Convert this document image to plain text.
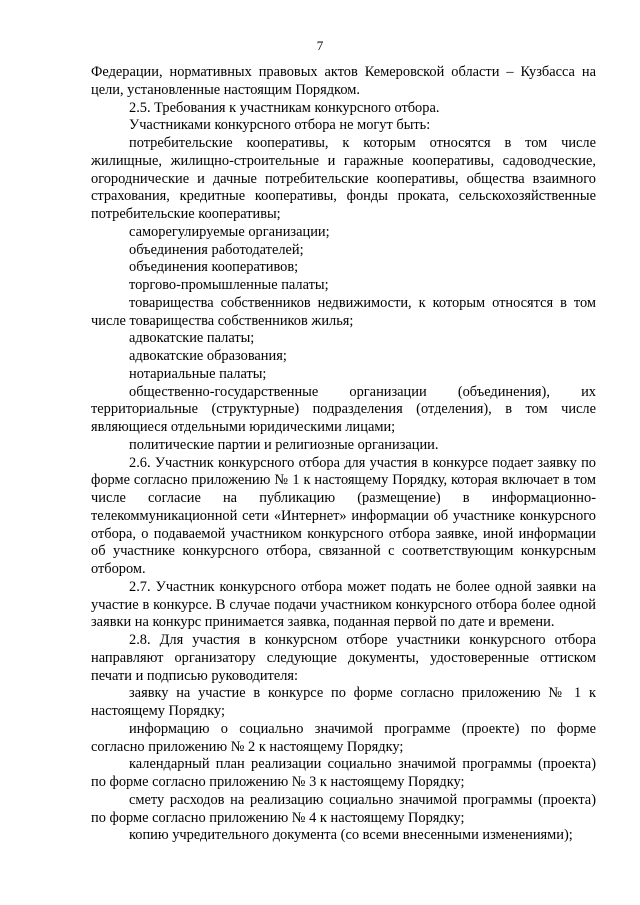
7

Федерации, нормативных правовых актов Кемеровской области – Кузбасса на цели, установленные настоящим Порядком.

2.5. Требования к участникам конкурсного отбора.

Участниками конкурсного отбора не могут быть:

потребительские кооперативы, к которым относятся в том числе жилищные, жилищно-строительные и гаражные кооперативы, садоводческие, огороднические и дачные потребительские кооперативы, общества взаимного страхования, кредитные кооперативы, фонды проката, сельскохозяйственные потребительские кооперативы;

саморегулируемые организации;

объединения работодателей;

объединения кооперативов;

торгово-промышленные палаты;

товарищества собственников недвижимости, к которым относятся в том числе товарищества собственников жилья;

адвокатские палаты;

адвокатские образования;

нотариальные палаты;

общественно-государственные организации (объединения), их территориальные (структурные) подразделения (отделения), в том числе являющиеся отдельными юридическими лицами;

политические партии и религиозные организации.

2.6. Участник конкурсного отбора для участия в конкурсе подает заявку по форме согласно приложению № 1 к настоящему Порядку, которая включает в том числе согласие на публикацию (размещение) в информационно-телекоммуникационной сети «Интернет» информации об участнике конкурсного отбора, о подаваемой участником конкурсного отбора заявке, иной информации об участнике конкурсного отбора, связанной с соответствующим конкурсным отбором.

2.7. Участник конкурсного отбора может подать не более одной заявки на участие в конкурсе. В случае подачи участником конкурсного отбора более одной заявки на конкурс принимается заявка, поданная первой по дате и времени.

2.8. Для участия в конкурсном отборе участники конкурсного отбора направляют организатору следующие документы, удостоверенные оттиском печати и подписью руководителя:

заявку на участие в конкурсе по форме согласно приложению № 1 к настоящему Порядку;

информацию о социально значимой программе (проекте) по форме согласно приложению № 2 к настоящему Порядку;

календарный план реализации социально значимой программы (проекта) по форме согласно приложению № 3 к настоящему Порядку;

смету расходов на реализацию социально значимой программы (проекта) по форме согласно приложению № 4 к настоящему Порядку;

копию учредительного документа (со всеми внесенными изменениями);
